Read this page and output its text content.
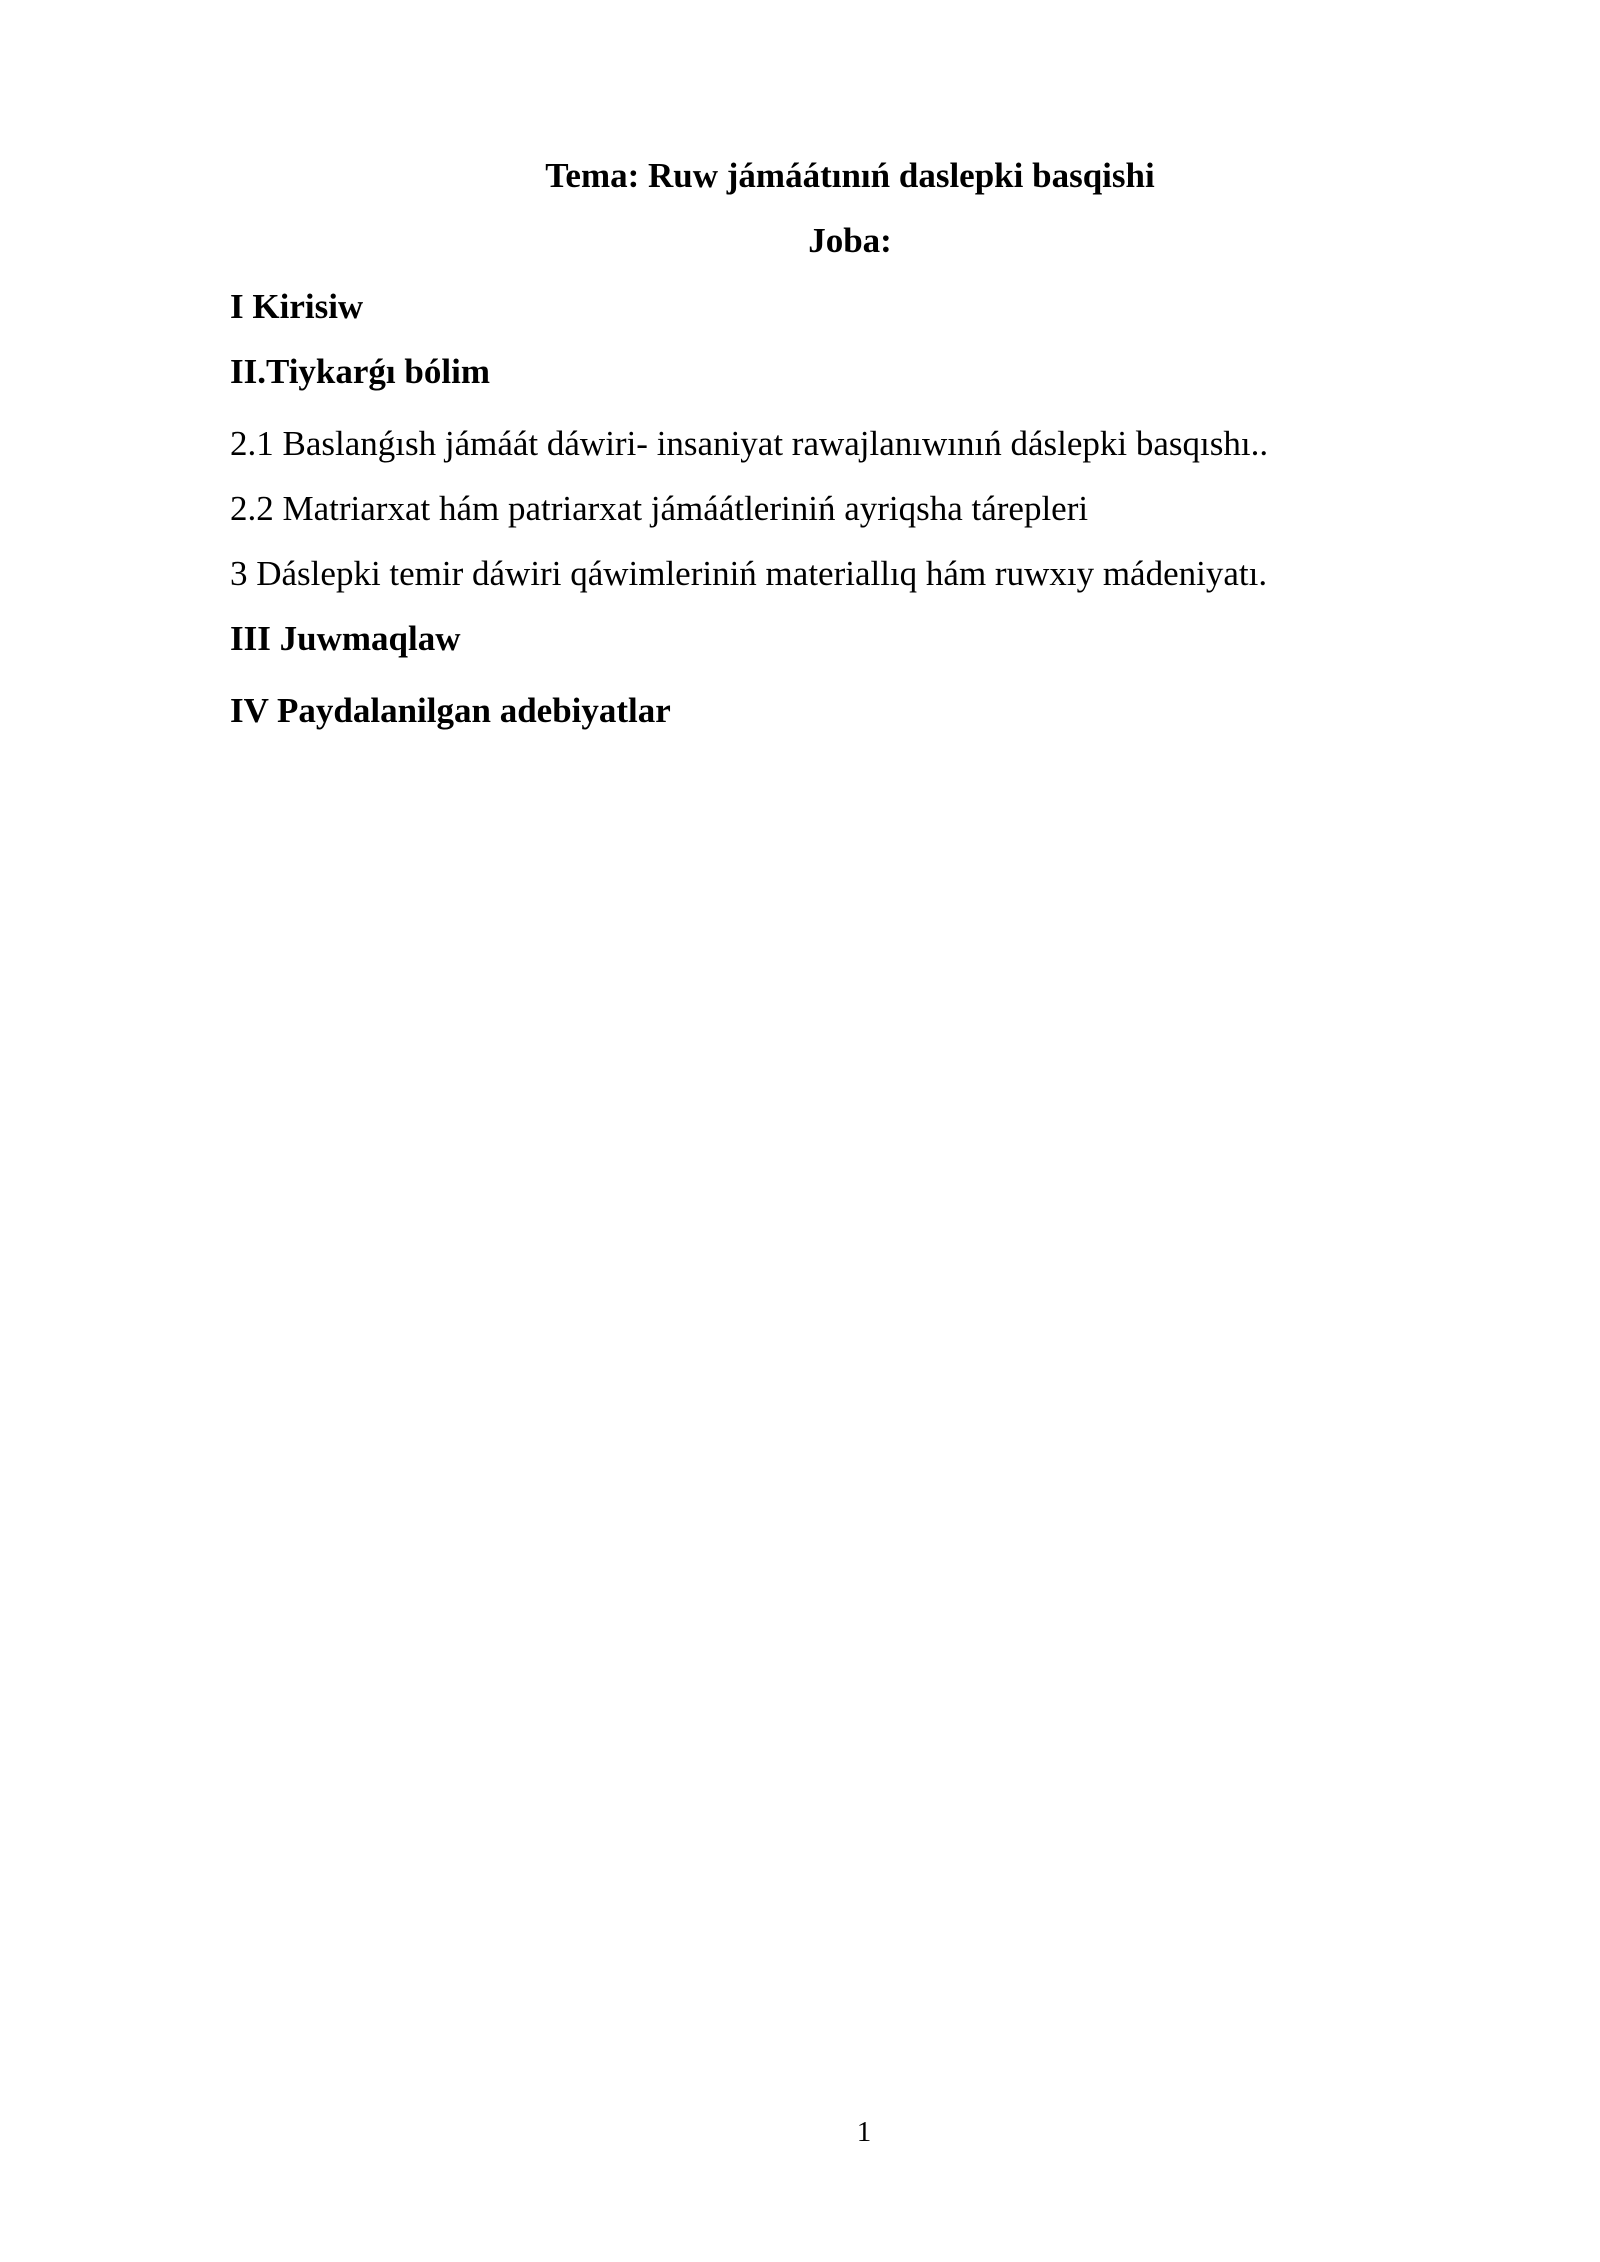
Tema: Ruw jámáátınıń daslepki basqishi
Joba:
I Kirisiw
II.Tiykarǵı bólim
2.1 Baslanǵısh jámáát dáwiri- insaniyat rawajlanıwınıń dáslepki basqıshı..
2.2 Matriarxat hám patriarxat jámáátleriniń ayriqsha tárepleri
3 Dáslepki temir dáwiri qáwimleriniń materiallıq hám ruwxıy mádeniyatı.
III Juwmaqlaw
IV Paydalanilgan adebiyatlar
1
